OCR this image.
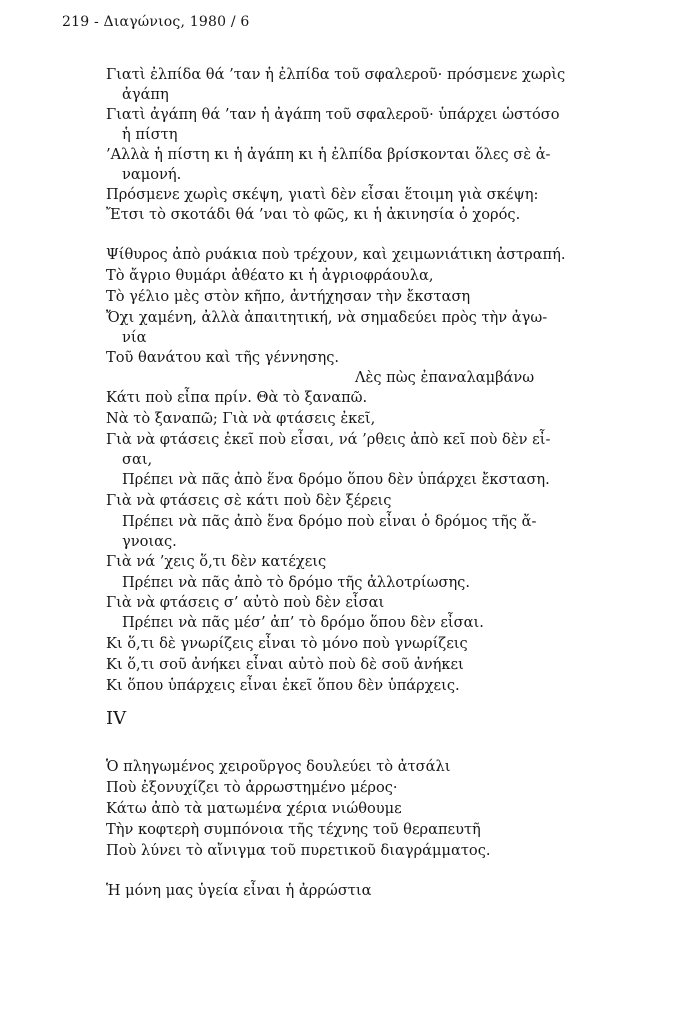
219 - Διαγώνιος, 1980 / 6
Γιατὶ ἐλπίδα θά ’ταν ἡ ἐλπίδα τοῦ σφαλεροῦ· πρόσμενε χωρὶς
ἀγάπη
Γιατὶ ἀγάπη θά ’ταν ἡ ἀγάπη τοῦ σφαλεροῦ· ὑπάρχει ὡστόσο
ἡ πίστη
’Αλλὰ ἡ πίστη κι ἡ ἀγάπη κι ἡ ἐλπίδα βρίσκονται ὅλες σὲ ἀ-
ναμονή.
Πρόσμενε χωρὶς σκέψη, γιατὶ δὲν εἶσαι ἕτοιμη γιὰ σκέψη:
Ἔτσι τὸ σκοτάδι θά ’ναι τὸ φῶς, κι ἡ ἀκινησία ὁ χορός.
Ψίθυρος ἀπὸ ρυάκια ποὺ τρέχουν, καὶ χειμωνιάτικη ἀστραπή.
Τὸ ἄγριο θυμάρι ἀθέατο κι ἡ ἀγριοφράουλα,
Τὸ γέλιο μὲς στὸν κῆπο, ἀντήχησαν τὴν ἔκσταση
Ὄχι χαμένη, ἀλλὰ ἀπαιτητική, νὰ σημαδεύει πρὸς τὴν ἀγω-
νία
Τοῦ θανάτου καὶ τῆς γέννησης.
Λὲς πὼς ἐπαναλαμβάνω
Κάτι ποὺ εἶπα πρίν. Θὰ τὸ ξαναπῶ.
Νὰ τὸ ξαναπῶ; Γιὰ νὰ φτάσεις ἐκεῖ,
Γιὰ νὰ φτάσεις ἐκεῖ ποὺ εἶσαι, νά ’ρθεις ἀπὸ κεῖ ποὺ δὲν εἶ-
σαι,
Πρέπει νὰ πᾶς ἀπὸ ἕνα δρόμο ὅπου δὲν ὑπάρχει ἔκσταση.
Γιὰ νὰ φτάσεις σὲ κάτι ποὺ δὲν ξέρεις
Πρέπει νὰ πᾶς ἀπὸ ἕνα δρόμο ποὺ εἶναι ὁ δρόμος τῆς ἄ-
γνοιας.
Γιὰ νά ’χεις ὅ,τι δὲν κατέχεις
Πρέπει νὰ πᾶς ἀπὸ τὸ δρόμο τῆς ἀλλοτρίωσης.
Γιὰ νὰ φτάσεις σ’ αὐτὸ ποὺ δὲν εἶσαι
Πρέπει νὰ πᾶς μέσ’ ἀπ’ τὸ δρόμο ὅπου δὲν εἶσαι.
Κι ὅ,τι δὲ γνωρίζεις εἶναι τὸ μόνο ποὺ γνωρίζεις
Κι ὅ,τι σοῦ ἀνήκει εἶναι αὐτὸ ποὺ δὲ σοῦ ἀνήκει
Κι ὅπου ὑπάρχεις εἶναι ἐκεῖ ὅπου δὲν ὑπάρχεις.
IV
Ὁ πληγωμένος χειροῦργος δουλεύει τὸ ἀτσάλι
Ποὺ ἐξονυχίζει τὸ ἀρρωστημένο μέρος·
Κάτω ἀπὸ τὰ ματωμένα χέρια νιώθουμε
Τὴν κοφτερὴ συμπόνοια τῆς τέχνης τοῦ θεραπευτῆ
Ποὺ λύνει τὸ αἴνιγμα τοῦ πυρετικοῦ διαγράμματος.
Ἡ μόνη μας ὑγεία εἶναι ἡ ἀρρώστια
